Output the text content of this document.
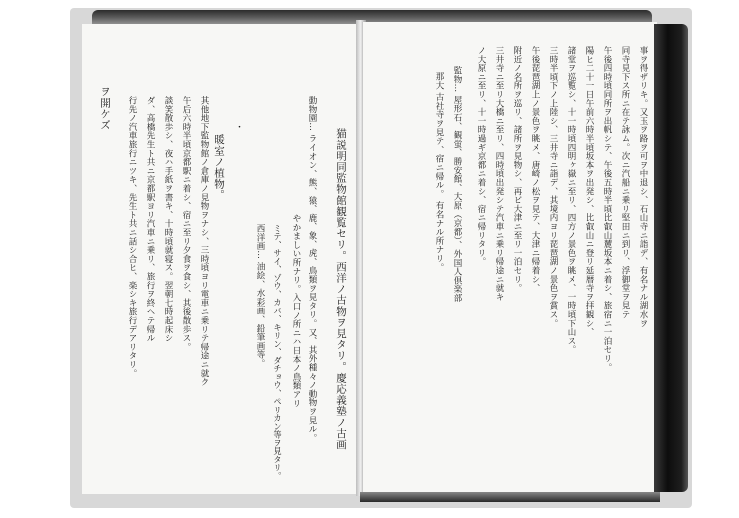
猫説明同監物館観覧セリ。西洋ノ古物ヲ見タリ。慶応義塾ノ古画
動物園… ライオン、熊、猿、鹿、象、虎、鳥類ヲ見タリ。又、其外種々ノ動物ヲ見ル。
やかましい所ナリ。入口ノ所ニハ日本ノ鳥類アリ
ミテ、サイ、ゾウ、カバ、キリン、ダチョウ、ペリカン等ヲ見タリ。
西洋画… 油絵、水彩画、鉛筆画等。
・
暖室ノ植物。
其他地下監物館ノ倉庫ノ見物ヲナシ、三時頃ヨリ電車ニ乗リテ帰途ニ就ク
午后六時半頃京都駅ニ着シ、宿ニ至リ夕食ヲ食シ、其後散歩ス。
談笑散歩シ、夜ハ手紙ヲ書キ、十時頃就寝ス。翌朝七時起床シ
ダ、高橋先生ト共ニ京都駅ヨリ汽車ニ乗リ、旅行ヲ終ヘテ帰ル
行先ノ汽車旅行ニツキ、先生ト共ニ話シ合ヒ、楽シキ旅行デアリタリ。
ヲ開ケズ	事ヲ得ザリキ。又玉ヲ路ヲ可ヲ中退シ、石山寺ニ詣デ、有名ナル湖水ヲ
同寺見下ス所ニ在テ詠ム。次ニ汽船ニ乗リ堅田ニ到リ、浮御堂ヲ見テ
午後四時頃同所ヲ出帆シテ、午後五時半頃比叡山麓坂本ニ着シ、旅宿ニ一泊セリ。
陽ヒ二十一日午前六時半頃坂本ヲ出発シ、比叡山ニ登リ延暦寺ヲ拝観シ、
諸堂ヲ巡覧シ、十一時頃四明ヶ嶽ニ至リ、四方ノ景色ヲ眺メ、一時頃下山ス。
三時半頃下ノ上陸シ、三井寺ニ詣デ、其境内ヨリ琵琶湖ノ景色ヲ賞ス。
午後琵琶湖上ノ景色ヲ眺メ、唐崎ノ松ヲ見テ、大津ニ帰着シ、
附近ノ名所ヲ巡リ、諸所ヲ見物シ、再ビ大津ニ至リ一泊セリ。
三井寺ニ至リ大橋ニ至リ、四時頃出発シテ汽車ニ乗リ帰途ニ就キ
ノ大原ニ至リ、十一時過ギ京都ニ着シ、宿ニ帰リタリ。
監物… 屋形石、観蛍、勝安館、大原（京都）、外国人倶楽部
那大 古社寺ヲ見テ、宿ニ帰ル。 有名ナル所ナリ。
